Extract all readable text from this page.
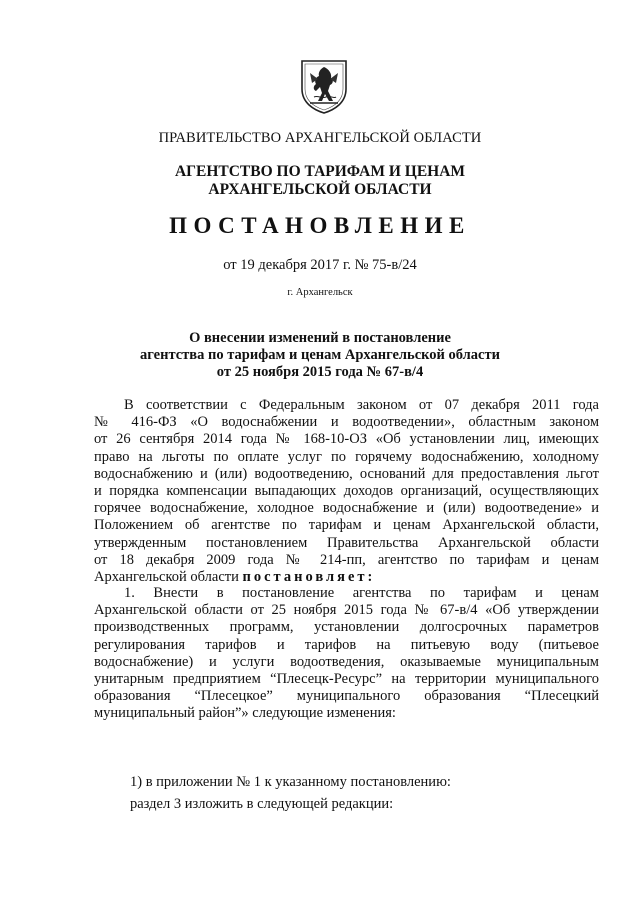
ПРАВИТЕЛЬСТВО АРХАНГЕЛЬСКОЙ ОБЛАСТИ
АГЕНТСТВО ПО ТАРИФАМ И ЦЕНАМ
АРХАНГЕЛЬСКОЙ ОБЛАСТИ
ПОСТАНОВЛЕНИЕ
от 19 декабря 2017 г. № 75-в/24
г. Архангельск
О внесении изменений в постановление
агентства по тарифам и ценам Архангельской области
от 25 ноября 2015 года № 67-в/4
В соответствии с Федеральным законом от 07 декабря 2011 года
№ 416-ФЗ «О водоснабжении и водоотведении», областным законом
от 26 сентября 2014 года № 168-10-ОЗ «Об установлении лиц, имеющих
право на льготы по оплате услуг по горячему водоснабжению, холодному
водоснабжению и (или) водоотведению, оснований для предоставления льгот
и порядка компенсации выпадающих доходов организаций, осуществляющих
горячее водоснабжение, холодное водоснабжение и (или) водоотведение» и
Положением об агентстве по тарифам и ценам Архангельской области,
утвержденным постановлением Правительства Архангельской области
от 18 декабря 2009 года № 214-пп, агентство по тарифам и ценам
Архангельской области постановляет:
1. Внести в постановление агентства по тарифам и ценам
Архангельской области от 25 ноября 2015 года № 67-в/4 «Об утверждении
производственных программ, установлении долгосрочных параметров
регулирования тарифов и тарифов на питьевую воду (питьевое
водоснабжение) и услуги водоотведения, оказываемые муниципальным
унитарным предприятием “Плесецк-Ресурс” на территории муниципального
образования “Плесецкое” муниципального образования “Плесецкий
муниципальный район”» следующие изменения:
1) в приложении № 1 к указанному постановлению:
раздел 3 изложить в следующей редакции:
